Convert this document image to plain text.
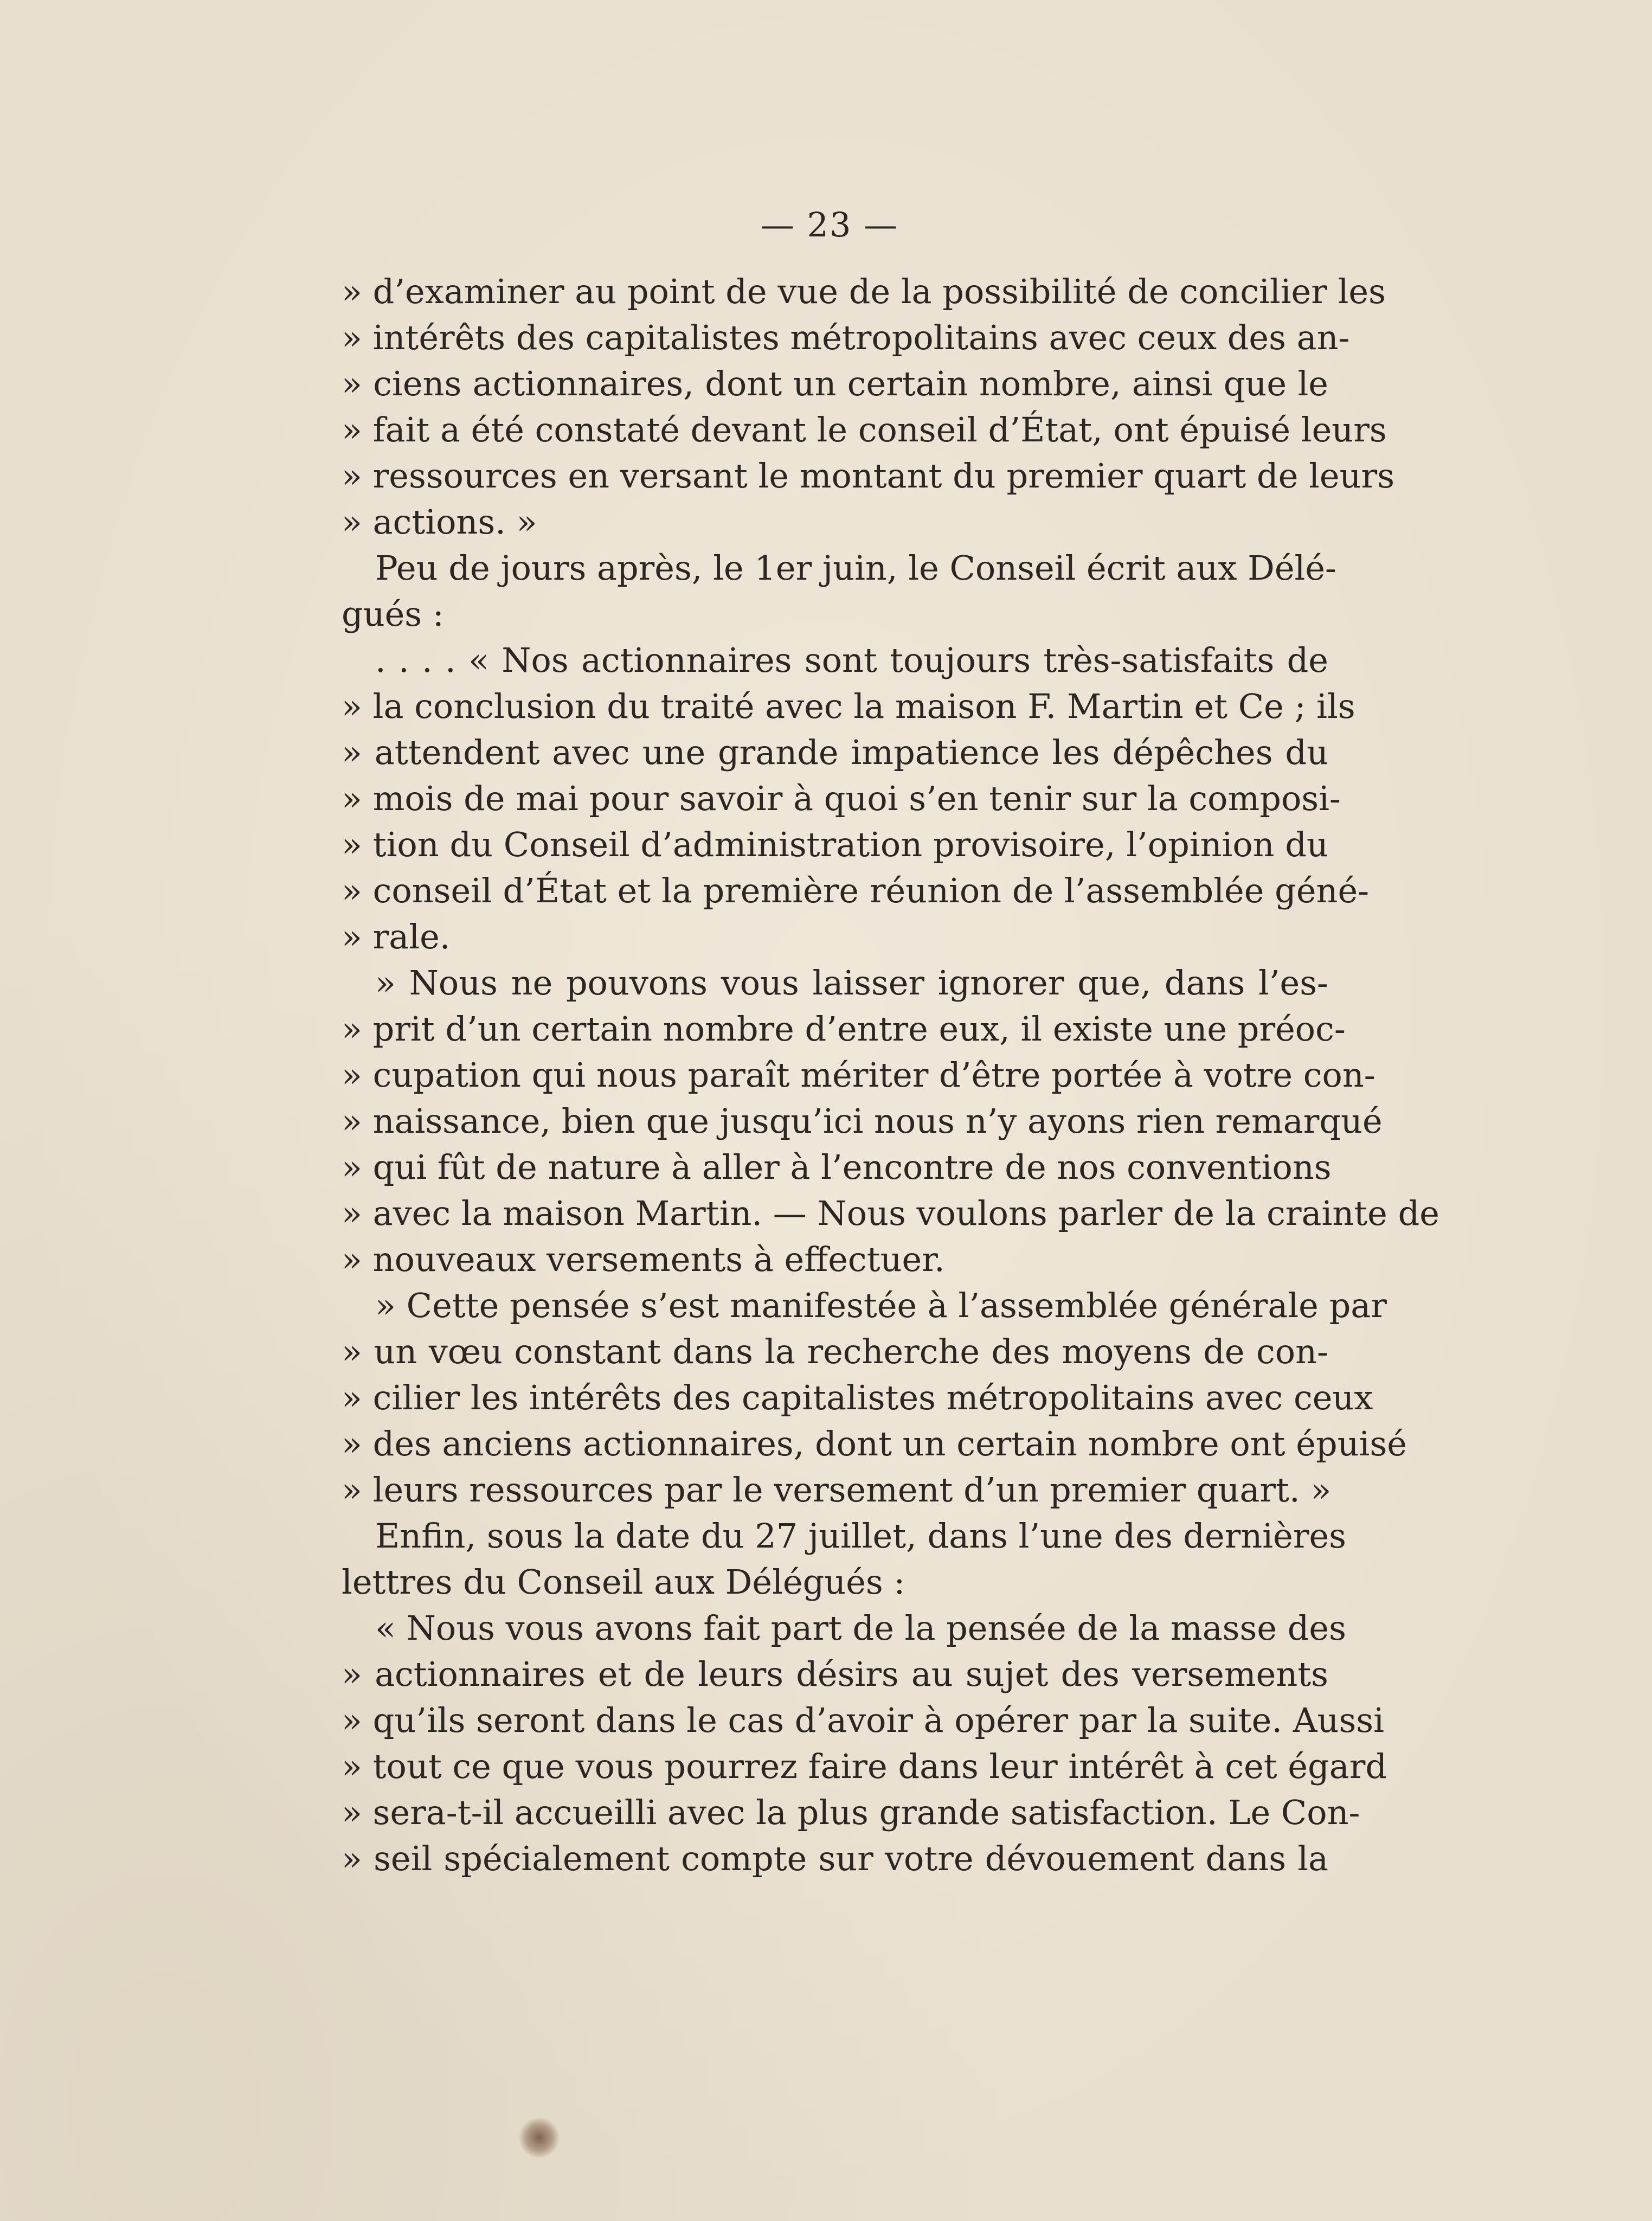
— 23 —
» d’examiner au point de vue de la possibilité de concilier les
» intérêts des capitalistes métropolitains avec ceux des an-
» ciens actionnaires, dont un certain nombre, ainsi que le
» fait a été constaté devant le conseil d’État, ont épuisé leurs
» ressources en versant le montant du premier quart de leurs
» actions. »
Peu de jours après, le 1er juin, le Conseil écrit aux Délé-
gués :
. . . . « Nos actionnaires sont toujours très-satisfaits de
» la conclusion du traité avec la maison F. Martin et Ce ; ils
» attendent avec une grande impatience les dépêches du
» mois de mai pour savoir à quoi s’en tenir sur la composi-
» tion du Conseil d’administration provisoire, l’opinion du
» conseil d’État et la première réunion de l’assemblée géné-
» rale.
» Nous ne pouvons vous laisser ignorer que, dans l’es-
» prit d’un certain nombre d’entre eux, il existe une préoc-
» cupation qui nous paraît mériter d’être portée à votre con-
» naissance, bien que jusqu’ici nous n’y ayons rien remarqué
» qui fût de nature à aller à l’encontre de nos conventions
» avec la maison Martin. — Nous voulons parler de la crainte de
» nouveaux versements à effectuer.
» Cette pensée s’est manifestée à l’assemblée générale par
» un vœu constant dans la recherche des moyens de con-
» cilier les intérêts des capitalistes métropolitains avec ceux
» des anciens actionnaires, dont un certain nombre ont épuisé
» leurs ressources par le versement d’un premier quart. »
Enfin, sous la date du 27 juillet, dans l’une des dernières
lettres du Conseil aux Délégués :
« Nous vous avons fait part de la pensée de la masse des
» actionnaires et de leurs désirs au sujet des versements
» qu’ils seront dans le cas d’avoir à opérer par la suite. Aussi
» tout ce que vous pourrez faire dans leur intérêt à cet égard
» sera-t-il accueilli avec la plus grande satisfaction. Le Con-
» seil spécialement compte sur votre dévouement dans la
